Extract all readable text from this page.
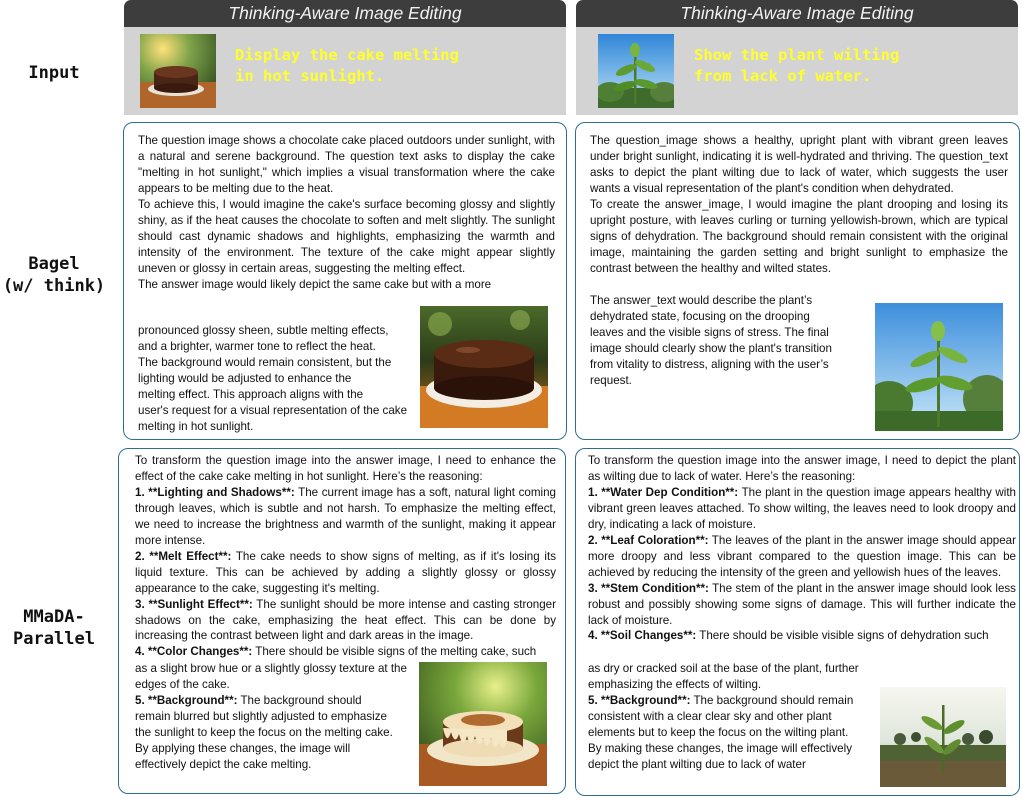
Input
Bagel
(w/ think)
MMaDA-
Parallel
Thinking-Aware Image Editing	Thinking-Aware Image Editing
Display the cake melting
in hot sunlight.
Show the plant wilting
from lack of water.

The question image shows a chocolate cake placed outdoors under sunlight, with a natural and serene background. The question text asks to display the cake "melting in hot sunlight," which implies a visual transformation where the cake appears to be melting due to the heat.

To achieve this, I would imagine the cake's surface becoming glossy and slightly shiny, as if the heat causes the chocolate to soften and melt slightly. The sunlight should cast dynamic shadows and highlights, emphasizing the warmth and intensity of the environment. The texture of the cake might appear slightly uneven or glossy in certain areas, suggesting the melting effect.

The answer image would likely depict the same cake but with a more

pronounced glossy sheen, subtle melting effects,

and a brighter, warmer tone to reflect the heat.

The background would remain consistent, but the

lighting would be adjusted to enhance the

melting effect. This approach aligns with the

user's request for a visual representation of the cake

melting in hot sunlight.

The question_image shows a healthy, upright plant with vibrant green leaves under bright sunlight, indicating it is well-hydrated and thriving. The question_text asks to depict the plant wilting due to lack of water, which suggests the user wants a visual representation of the plant's condition when dehydrated.

To create the answer_image, I would imagine the plant drooping and losing its upright posture, with leaves curling or turning yellowish-brown, which are typical signs of dehydration. The background should remain consistent with the original image, maintaining the garden setting and bright sunlight to emphasize the contrast between the healthy and wilted states.

The answer_text would describe the plant’s

dehydrated state, focusing on the drooping

leaves and the visible signs of stress. The final

image should clearly show the plant's transition

from vitality to distress, aligning with the user’s

request.

To transform the question image into the answer image, I need to enhance the effect of the cake cake melting in hot sunlight. Here’s the reasoning:

1. **Lighting and Shadows**: The current image has a soft, natural light coming through leaves, which is subtle and not harsh. To emphasize the melting effect, we need to increase the brightness and warmth of the sunlight, making it appear more intense.

2. **Melt Effect**: The cake needs to show signs of melting, as if it's losing its liquid texture. This can be achieved by adding a slightly glossy or glossy appearance to the cake, suggesting it's melting.

3. **Sunlight Effect**: The sunlight should be more intense and casting stronger shadows on the cake, emphasizing the heat effect. This can be done by increasing the contrast between light and dark areas in the image.

4. **Color Changes**: There should be visible signs of the melting cake, such

as a slight brow hue or a slightly glossy texture at the

edges of the cake.

5. **Background**: The background should

remain blurred but slightly adjusted to emphasize

the sunlight to keep the focus on the melting cake.

By applying these changes, the image will

effectively depict the cake melting.

To transform the question image into the answer image, I need to depict the plant as wilting due to lack of water. Here’s the reasoning:

1. **Water Dep Condition**: The plant in the question image appears healthy with vibrant green leaves attached. To show wilting, the leaves need to look droopy and dry, indicating a lack of moisture.

2. **Leaf Coloration**: The leaves of the plant in the answer image should appear more droopy and less vibrant compared to the question image. This can be achieved by reducing the intensity of the green and yellowish hues of the leaves.

3. **Stem Condition**: The stem of the plant in the answer image should look less robust and possibly showing some signs of damage. This will further indicate the lack of moisture.

4. **Soil Changes**: There should be visible visible signs of dehydration such

as dry or cracked soil at the base of the plant, further

emphasizing the effects of wilting.

5. **Background**: The background should remain

consistent with a clear clear sky and other plant

elements but to keep the focus on the wilting plant.

By making these changes, the image will effectively

depict the plant wilting due to lack of water
